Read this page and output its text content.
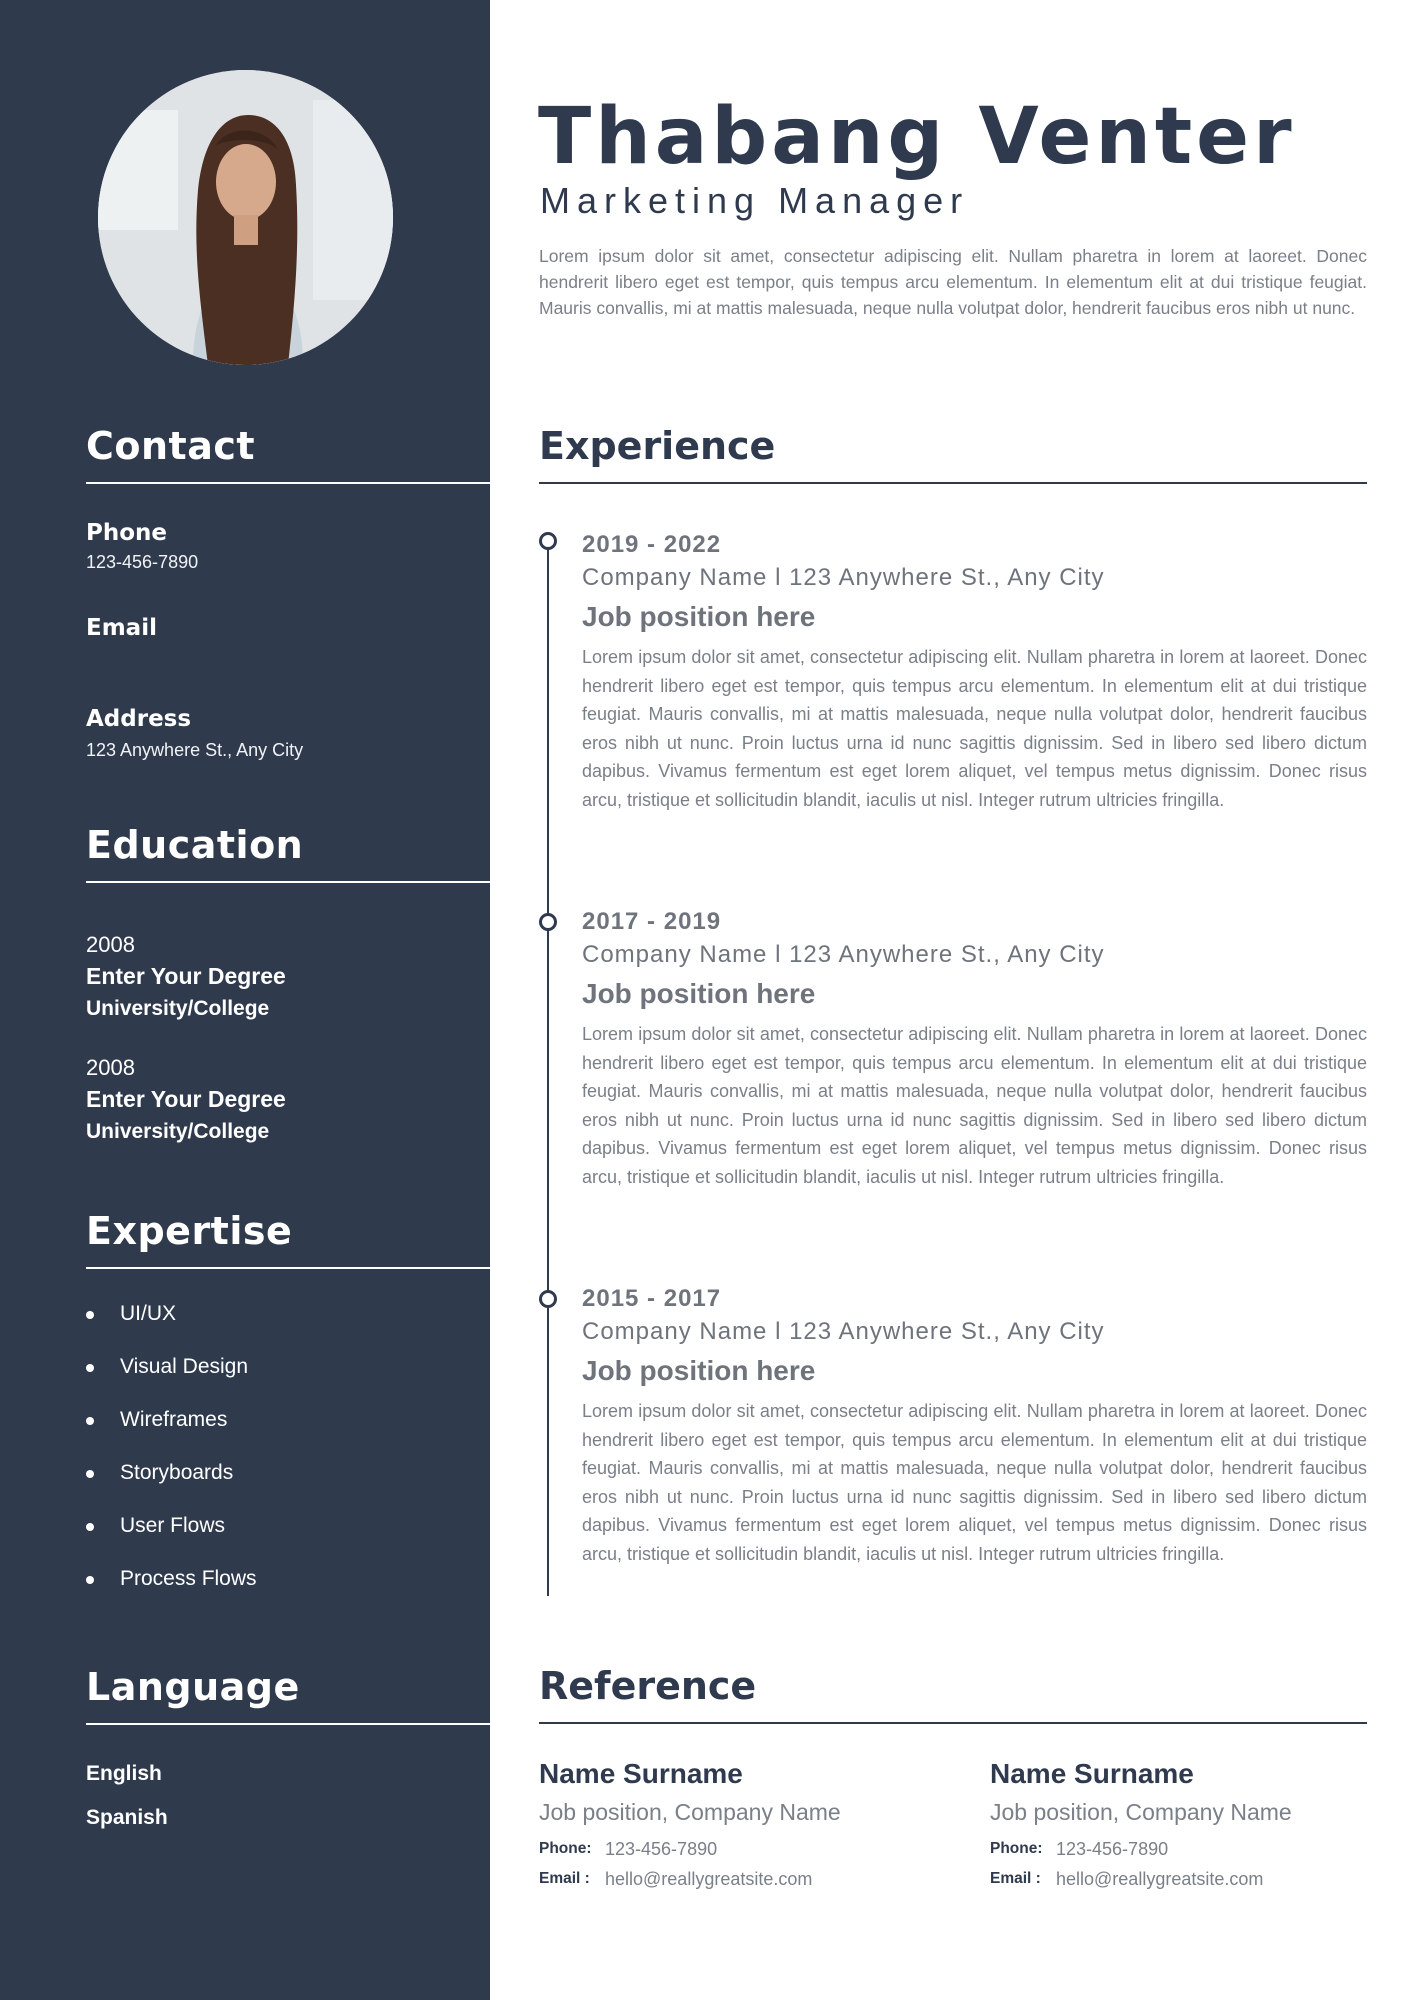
Contact
Phone
123-456-7890
Email
Address
123 Anywhere St., Any City
Education
2008
Enter Your Degree
University/College
2008
Enter Your Degree
University/College
Expertise
UI/UX
Visual Design
Wireframes
Storyboards
User Flows
Process Flows
Language
English
Spanish
Thabang Venter
Marketing Manager

Lorem ipsum dolor sit amet, consectetur adipiscing elit. Nullam pharetra in lorem at laoreet. Donec hendrerit libero eget est tempor, quis tempus arcu elementum. In elementum elit at dui tristique feugiat. Mauris convallis, mi at mattis malesuada, neque nulla volutpat dolor, hendrerit faucibus eros nibh ut nunc.

Experience
2019 - 2022
Company Name l 123 Anywhere St., Any City
Job position here

Lorem ipsum dolor sit amet, consectetur adipiscing elit. Nullam pharetra in lorem at laoreet. Donec hendrerit libero eget est tempor, quis tempus arcu elementum. In elementum elit at dui tristique feugiat. Mauris convallis, mi at mattis malesuada, neque nulla volutpat dolor, hendrerit faucibus eros nibh ut nunc. Proin luctus urna id nunc sagittis dignissim. Sed in libero sed libero dictum dapibus. Vivamus fermentum est eget lorem aliquet, vel tempus metus dignissim. Donec risus arcu, tristique et sollicitudin blandit, iaculis ut nisl. Integer rutrum ultricies fringilla.

2017 - 2019
Company Name l 123 Anywhere St., Any City
Job position here

Lorem ipsum dolor sit amet, consectetur adipiscing elit. Nullam pharetra in lorem at laoreet. Donec hendrerit libero eget est tempor, quis tempus arcu elementum. In elementum elit at dui tristique feugiat. Mauris convallis, mi at mattis malesuada, neque nulla volutpat dolor, hendrerit faucibus eros nibh ut nunc. Proin luctus urna id nunc sagittis dignissim. Sed in libero sed libero dictum dapibus. Vivamus fermentum est eget lorem aliquet, vel tempus metus dignissim. Donec risus arcu, tristique et sollicitudin blandit, iaculis ut nisl. Integer rutrum ultricies fringilla.

2015 - 2017
Company Name l 123 Anywhere St., Any City
Job position here

Lorem ipsum dolor sit amet, consectetur adipiscing elit. Nullam pharetra in lorem at laoreet. Donec hendrerit libero eget est tempor, quis tempus arcu elementum. In elementum elit at dui tristique feugiat. Mauris convallis, mi at mattis malesuada, neque nulla volutpat dolor, hendrerit faucibus eros nibh ut nunc. Proin luctus urna id nunc sagittis dignissim. Sed in libero sed libero dictum dapibus. Vivamus fermentum est eget lorem aliquet, vel tempus metus dignissim. Donec risus arcu, tristique et sollicitudin blandit, iaculis ut nisl. Integer rutrum ultricies fringilla.

Reference
Name Surname
Job position, Company Name
Phone: 123-456-7890
Email : hello@reallygreatsite.com
Name Surname
Job position, Company Name
Phone: 123-456-7890
Email : hello@reallygreatsite.com
